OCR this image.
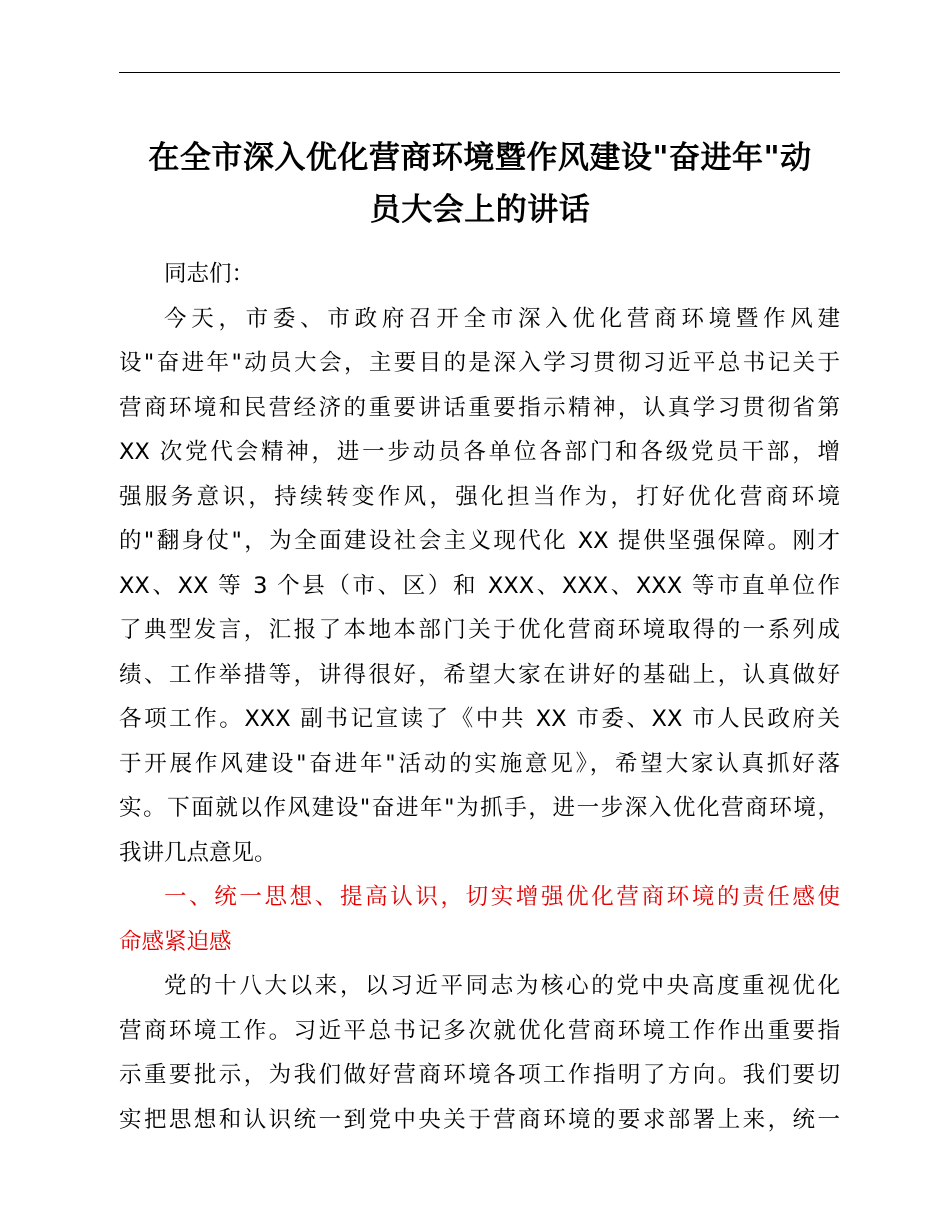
在全市深入优化营商环境暨作风建设"奋进年"动
员大会上的讲话
同志们：
今天，市委、市政府召开全市深入优化营商环境暨作风建
设"奋进年"动员大会，主要目的是深入学习贯彻习近平总书记关于
营商环境和民营经济的重要讲话重要指示精神，认真学习贯彻省第
XX 次党代会精神，进一步动员各单位各部门和各级党员干部，增
强服务意识，持续转变作风，强化担当作为，打好优化营商环境
的"翻身仗"，为全面建设社会主义现代化 XX 提供坚强保障。刚才
XX、XX 等 3 个县（市、区）和 XXX、XXX、XXX 等市直单位作
了典型发言，汇报了本地本部门关于优化营商环境取得的一系列成
绩、工作举措等，讲得很好，希望大家在讲好的基础上，认真做好
各项工作。XXX 副书记宣读了《中共 XX 市委、XX 市人民政府关
于开展作风建设"奋进年"活动的实施意见》，希望大家认真抓好落
实。下面就以作风建设"奋进年"为抓手，进一步深入优化营商环境，
我讲几点意见。
一、统一思想、提高认识，切实增强优化营商环境的责任感使
命感紧迫感
党的十八大以来，以习近平同志为核心的党中央高度重视优化
营商环境工作。习近平总书记多次就优化营商环境工作作出重要指
示重要批示，为我们做好营商环境各项工作指明了方向。我们要切
实把思想和认识统一到党中央关于营商环境的要求部署上来，统一
